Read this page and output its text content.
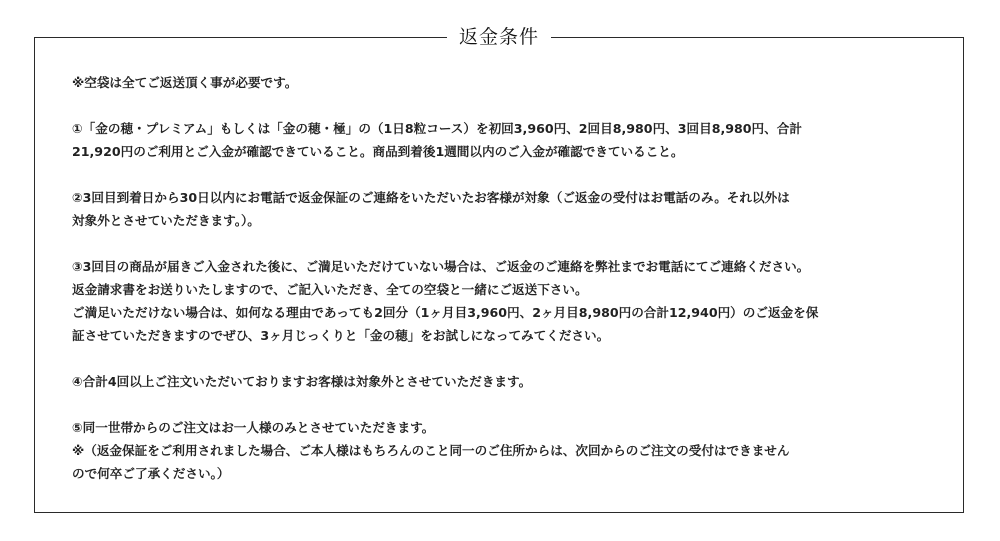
返金条件

※空袋は全てご返送頂く事が必要です。

①「金の穂・プレミアム」もしくは「金の穂・極」の（1日8粒コース）を初回3,960円、2回目8,980円、3回目8,980円、合計

21,920円のご利用とご入金が確認できていること。商品到着後1週間以内のご入金が確認できていること。

②3回目到着日から30日以内にお電話で返金保証のご連絡をいただいたお客様が対象（ご返金の受付はお電話のみ。それ以外は

対象外とさせていただきます。）。

③3回目の商品が届きご入金された後に、ご満足いただけていない場合は、ご返金のご連絡を弊社までお電話にてご連絡ください。

返金請求書をお送りいたしますので、ご記入いただき、全ての空袋と一緒にご返送下さい。

ご満足いただけない場合は、如何なる理由であっても2回分（1ヶ月目3,960円、2ヶ月目8,980円の合計12,940円）のご返金を保

証させていただきますのでぜひ、3ヶ月じっくりと「金の穂」をお試しになってみてください。

④合計4回以上ご注文いただいておりますお客様は対象外とさせていただきます。

⑤同一世帯からのご注文はお一人様のみとさせていただきます。

※（返金保証をご利用されました場合、ご本人様はもちろんのこと同一のご住所からは、次回からのご注文の受付はできません

ので何卒ご了承ください。）
